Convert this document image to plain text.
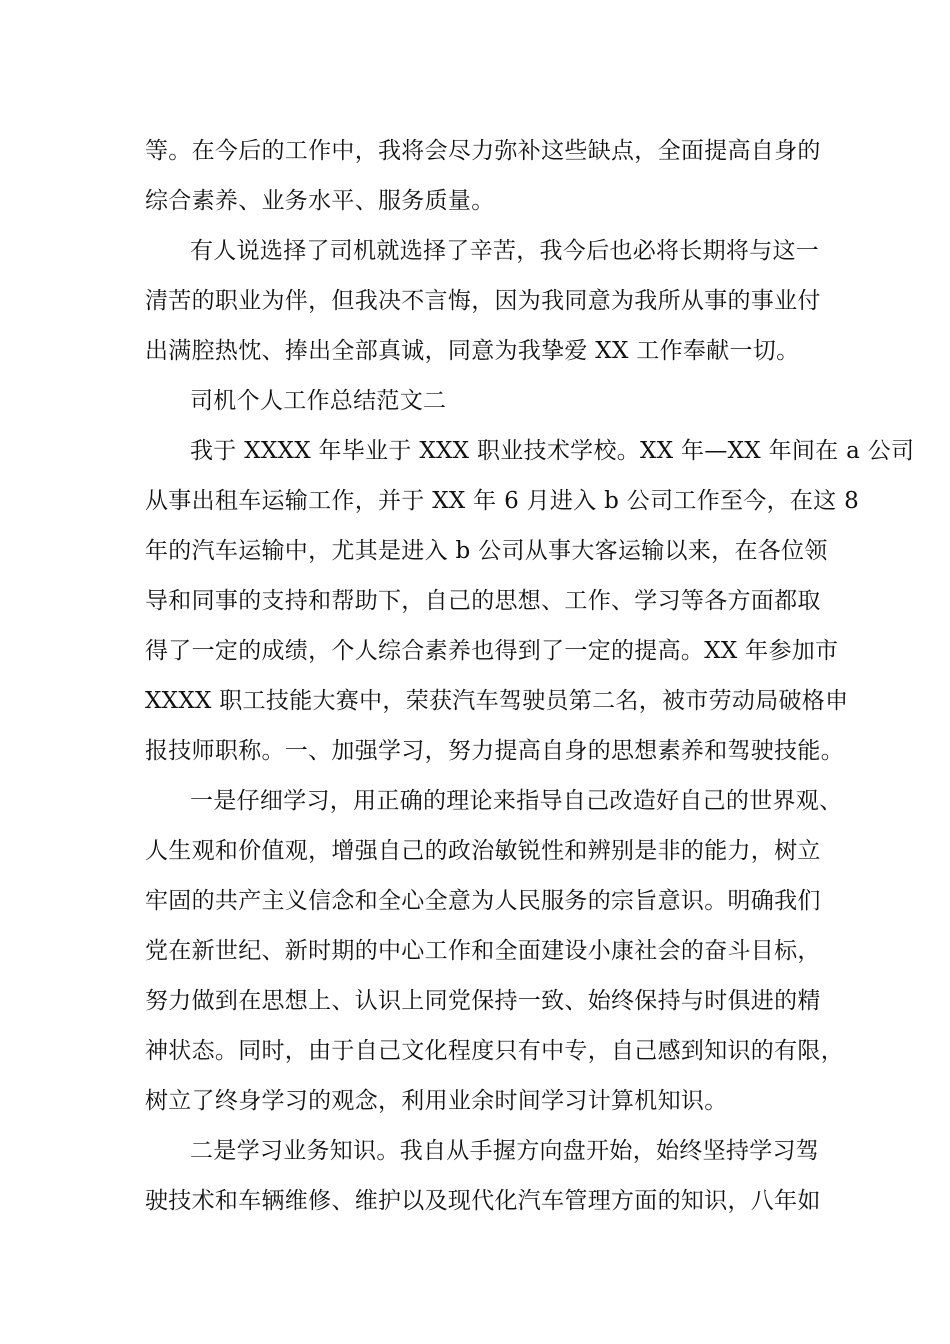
等。在今后的工作中，我将会尽力弥补这些缺点，全面提高自身的
综合素养、业务水平、服务质量。
有人说选择了司机就选择了辛苦，我今后也必将长期将与这一
清苦的职业为伴，但我决不言悔，因为我同意为我所从事的事业付
出满腔热忱、捧出全部真诚，同意为我挚爱 XX 工作奉献一切。
司机个人工作总结范文二
我于 XXXX 年毕业于 XXX 职业技术学校。XX 年—XX 年间在 a 公司
从事出租车运输工作，并于 XX 年 6 月进入 b 公司工作至今，在这 8
年的汽车运输中，尤其是进入 b 公司从事大客运输以来，在各位领
导和同事的支持和帮助下，自己的思想、工作、学习等各方面都取
得了一定的成绩，个人综合素养也得到了一定的提高。XX 年参加市
XXXX 职工技能大赛中，荣获汽车驾驶员第二名，被市劳动局破格申
报技师职称。一、加强学习，努力提高自身的思想素养和驾驶技能。
一是仔细学习，用正确的理论来指导自己改造好自己的世界观、
人生观和价值观，增强自己的政治敏锐性和辨别是非的能力，树立
牢固的共产主义信念和全心全意为人民服务的宗旨意识。明确我们
党在新世纪、新时期的中心工作和全面建设小康社会的奋斗目标，
努力做到在思想上、认识上同党保持一致、始终保持与时俱进的精
神状态。同时，由于自己文化程度只有中专，自己感到知识的有限，
树立了终身学习的观念，利用业余时间学习计算机知识。
二是学习业务知识。我自从手握方向盘开始，始终坚持学习驾
驶技术和车辆维修、维护以及现代化汽车管理方面的知识，八年如
